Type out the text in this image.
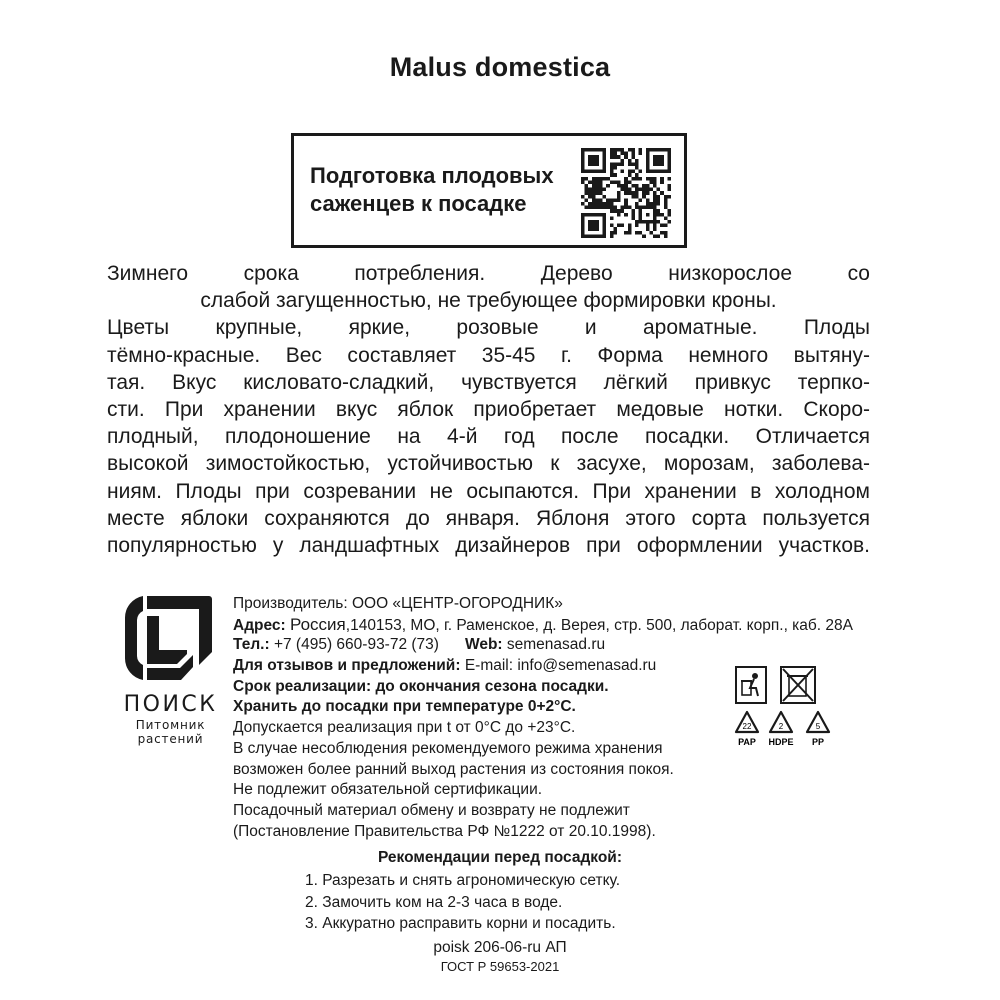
Malus domestica
Подготовка плодовых
саженцев к посадке
Зимнего срока потребления. Дерево низкорослое со
слабой загущенностью, не требующее формировки кроны.
Цветы крупные, яркие, розовые и ароматные. Плоды
тёмно-красные. Вес составляет 35-45 г. Форма немного вытяну-
тая. Вкус кисловато-сладкий, чувствуется лёгкий привкус терпко-
сти. При хранении вкус яблок приобретает медовые нотки. Скоро-
плодный, плодоношение на 4-й год после посадки. Отличается
высокой зимостойкостью, устойчивостью к засухе, морозам, заболева-
ниям. Плоды при созревании не осыпаются. При хранении в холодном
месте яблоки сохраняются до января. Яблоня этого сорта пользуется
популярностью у ландшафтных дизайнеров при оформлении участков.
ПОИСК
Питомник
растений
Производитель: ООО «ЦЕНТР-ОГОРОДНИК»
Адрес: Россия,140153, МО, г. Раменское, д. Верея, стр. 500, лаборат. корп., каб. 28А
Тел.: +7 (495) 660-93-72 (73) Web: semenasad.ru
Для отзывов и предложений: E-mail: info@semenasad.ru
Срок реализации: до окончания сезона посадки.
Хранить до посадки при температуре 0+2°С.
Допускается реализация при t от 0°С до +23°С.
В случае несоблюдения рекомендуемого режима хранения
возможен более ранний выход растения из состояния покоя.
Не подлежит обязательной сертификации.
Посадочный материал обмену и возврату не подлежит
(Постановление Правительства РФ №1222 от 20.10.1998).
22
PAP
2
HDPE
5
PP
Рекомендации перед посадкой:
1. Разрезать и снять агрономическую сетку.
2. Замочить ком на 2-3 часа в воде.
3. Аккуратно расправить корни и посадить.
poisk 206-06-ru АП
ГОСТ Р 59653-2021
